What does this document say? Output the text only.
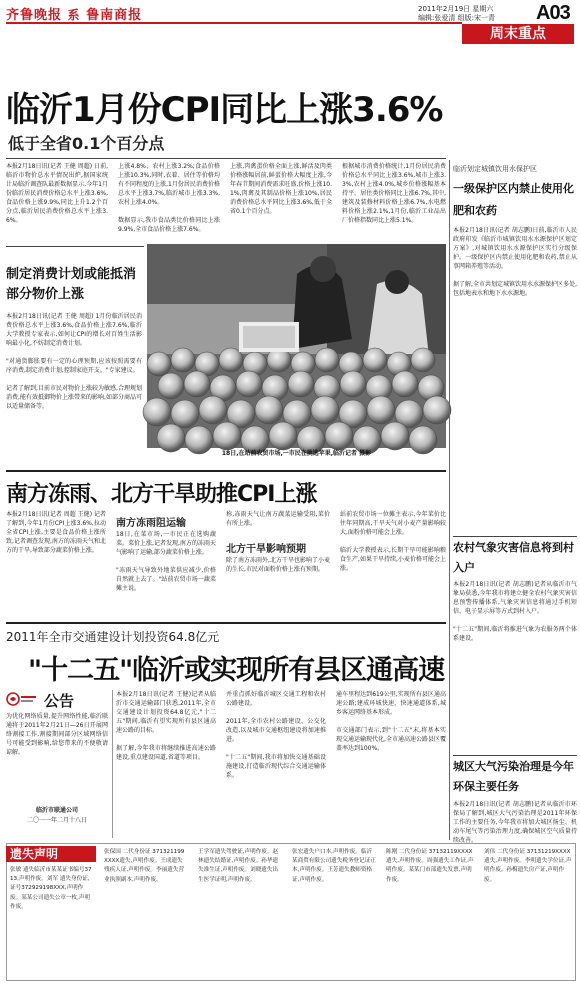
齐鲁晚报 系 鲁南商报	2011年2月19日 星期六
编辑:张爱清 组版:宋一青 A03
周末重点
临沂1月份CPI同比上涨3.6%
低于全省0.1个百分点
本报2月18日讯(记者 王健 周超) 日前,临沂市物价总水平情况出炉,据国家统计局临沂调查队最新数据显示,今年1月份临沂居民消费价格总水平上涨3.6%,食品价格上涨9.9%,同比上升1.2个百分点,临沂居民消费价格总水平上涨3.6%。
上涨4.8%、农村上涨3.2%;食品价格上涨10.3%,同时,衣着、居住等价格均有不同程度的上涨,1月份居民消费价格总水平上涨3.7%,临沂城市上涨3.3%,农村上涨4.0%。

数据显示,我市食品类比价格同比上涨9.9%,全市食品价格上涨7.6%。
上涨,肉禽蛋价格全面上涨,鲜活及肉类价格涨幅居前,鲜蛋价格大幅度上涨,今年春节期间消费需求旺盛,价格上涨10.1%,肉禽及其制品价格上涨10%,居民消费价格总水平同比上涨3.6%,低于全省0.1个百分点。
根据城市消费价格统计,1月份居民消费价格总水平同比上涨3.6%,城市上涨3.3%,农村上涨4.0%,城乡价格涨幅基本持平。居住类价格同比上涨6.7%,其中,建筑及装修材料价格上涨6.7%,水电燃料价格上涨2.1%,1月份,临沂工业品出厂价格指数同比上涨5.1%。
制定消费计划或能抵消部分物价上涨
本报2月18日讯(记者 王健 周超) 1月份临沂居民消费价格总水平上涨3.6%,食品价格上涨7.6%,临沂大学教授专家表示,如何让CPI的增长对百姓生活影响最小化,不妨制定消费计划。

"对通货膨胀要有一定的心理预期,应该按照需要有序消费,制定消费计划,控制家庭开支。"专家建议。

记者了解到,目前市民对物价上涨较为敏感,合理规划消费,能有效抵御物价上涨带来的影响,如部分商品可以适量储备等。
18日,在站前农贸市场,一市民在挑选苹果,临沂记者 摄影
南方冻雨、北方干旱助推CPI上涨
本报2月18日讯(记者 周超 王健) 记者了解到,今年1月份CPI上涨3.6%,拉动全省CPI上涨,主要是食品价格上涨所致,记者调查发现,南方的冻雨天气和北方的干旱,导致部分蔬菜价格上涨。
南方冻雨阻运输
18日,在菜市场,一市民正在选购蔬菜。菜价上涨,记者发现,南方的冻雨天气影响了运输,部分蔬菜价格上涨。

"冻雨天气导致外地菜供应减少,价格自然就上去了。"站前农贸市场一蔬菜摊主说。
称,冻雨天气让南方蔬菜运输受阻,菜价有所上涨。
北方干旱影响预期
除了南方冻雨外,北方干旱也影响了小麦的生长,市民对面粉价格上涨有预期。
站前农贸市场一位摊主表示,今年菜价比往年同期高,干旱天气对小麦产量影响较大,面粉价格可能会上涨。

临沂大学教授表示,长期干旱可能影响粮食生产,如果干旱持续,小麦价格可能会上涨。
2011年全市交通建设计划投资64.8亿元
"十二五"临沂或实现所有县区通高速
公告
为优化网络质量,提升网络性能,临沂联通将于2011年2月21日—26日开展网络割接工作,割接期间部分区域网络信号可能受到影响,给您带来的不便敬请谅解。
临沂市联通公司
二〇一一年二月十八日
本报2月18日讯(记者 王健)记者从临沂市交通运输部门获悉,2011年,全市交通建设计划投资64.8亿元,"十二五"期间,临沂有望实现所有县区通高速公路的目标。

据了解,今年我市将继续推进高速公路建设,重点建设国道,省道等项目。
并重点抓好临沂城区交通工程和农村公路建设。

2011年,全市农村公路建设、公交化改造,以及城市交通枢纽建设将加速推进。

"十二五"期间,我市将加快交通基础设施建设,打造临沂现代综合交通运输体系。
通车里程达到619公里,实现所有县区通高速公路;建成环城快速、快速通道体系,城乡客运网络基本形成。

市交通部门表示,到"十二五"末,将基本实现交通运输现代化,全市通高速公路县区覆盖率达到100%。
临沂划定城镇饮用水保护区
一级保护区内禁止使用化肥和农药
本报2月18日讯(记者 胡志鹏)日前,临沂市人民政府印发《临沂市城镇饮用水水源保护区划定方案》,对城镇饮用水水源保护区实行分级保护。一级保护区内禁止使用化肥和农药,禁止从事网箱养殖等活动。

据了解,全市共划定城镇饮用水水源保护区多处,包括地表水和地下水水源地。
农村气象灾害信息将到村入户
本报2月18日讯(记者 胡志鹏)记者从临沂市气象局获悉,今年我市将建立健全农村气象灾害信息预警传播体系,气象灾害信息将通过手机短信、电子显示屏等方式到村入户。

"十二五"期间,临沂将推进气象为农服务两个体系建设。
城区大气污染治理是今年环保主要任务
本报2月18日讯(记者 胡志鹏)记者从临沂市环保局了解到,城区大气污染治理是2011年环保工作的主要任务,今年我市将加大城区扬尘、机动车尾气等污染治理力度,确保城区空气质量持续改善。
遗失声明
张敏 遗失临沂市某某证书编号3713,声明作废。刘军 遗失身份证,证号372929198XXX,声明作废。某某公司遗失公章一枚,声明作废。
张保国 二代身份证 371321199XXXX遗失,声明作废。王成遗失残疾人证,声明作废。李丽遗失营业执照副本,声明作废。
王学军遗失驾驶证,声明作废。赵林遗失结婚证,声明作废。孙华遗失准生证,声明作废。刘晓遗失出生医学证明,声明作废。
张宏遗失户口本,声明作废。临沂某商贸有限公司遗失税务登记证正本,声明作废。王芳遗失教师资格证,声明作废。
陈刚 二代身份证 37132119XXXX 遗失,声明作废。周强遗失工作证,声明作废。某某门市部遗失发票,声明作废。
刘伟 二代身份证 37131219XXXX 遗失,声明作废。李明遗失学位证,声明作废。孙梅遗失房产证,声明作废。
